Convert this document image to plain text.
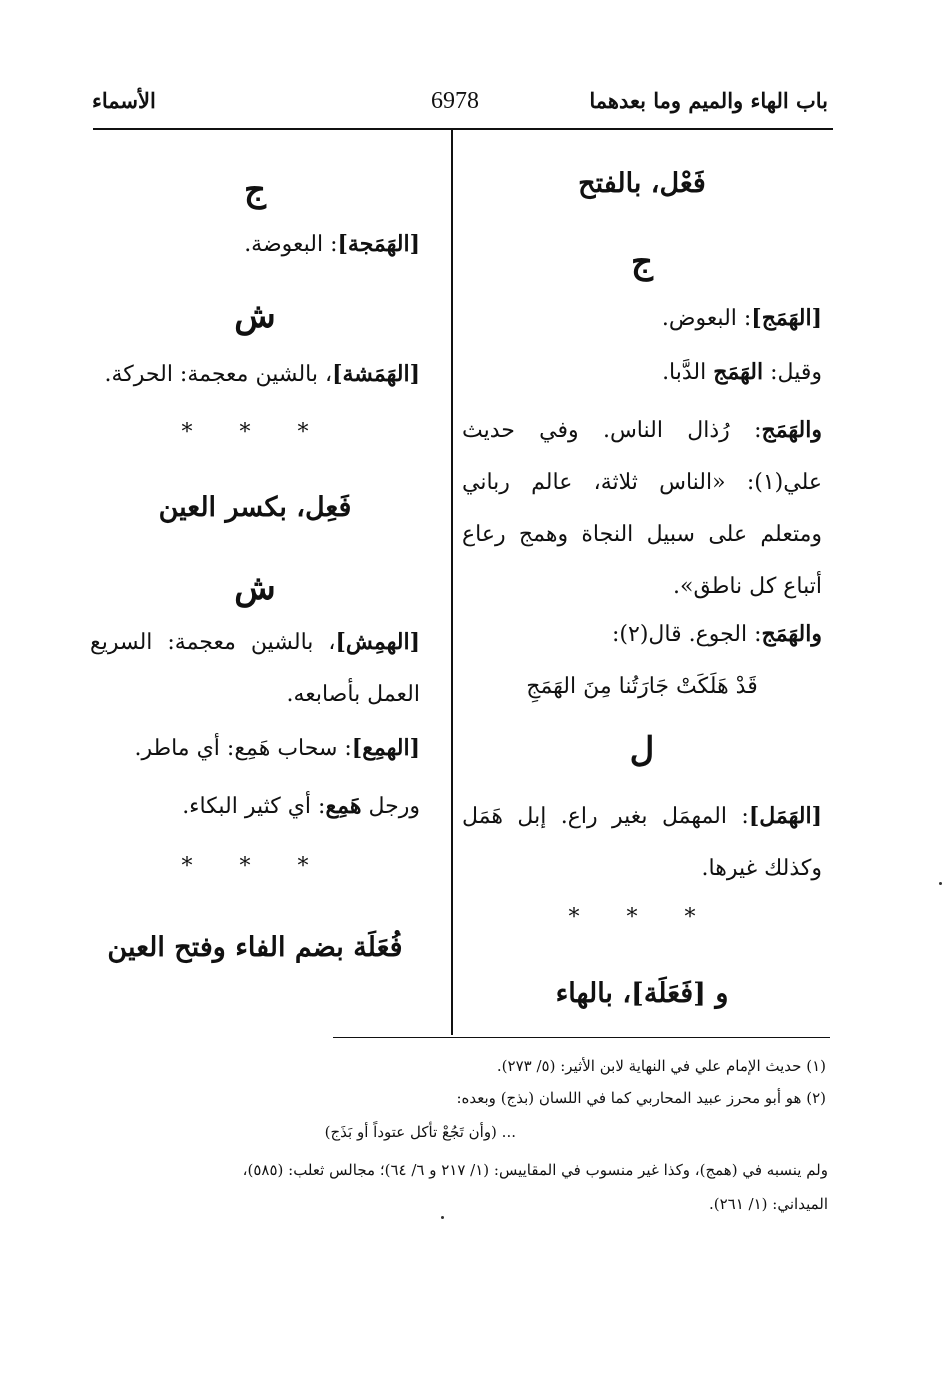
باب الهاء والميم وما بعدهما
6978
الأسماء
فَعْل، بالفتح
ج
[الهَمَج]: البعوض.
وقيل: الهَمَج الدَّبا.
والهَمَج: رُذال الناس. وفي حديث علي(١): «الناس ثلاثة، عالم رباني ومتعلم على سبيل النجاة وهمج رعاع أتباع كل ناطق».
والهَمَج: الجوع. قال(٢):
قَدْ هَلَكَتْ جَارَتُنا مِنَ الهَمَجِ
ل
[الهَمَل]: المهمَل بغير راع. إبل هَمَل وكذلك غيرها.
* * *
و [فَعَلَة]، بالهاء
ج
[الهَمَجة]: البعوضة.
ش
[الهَمَشة]، بالشين معجمة: الحركة.
* * *
فَعِل، بكسر العين
ش
[الهمِش]، بالشين معجمة: السريع العمل بأصابعه.
[الهمِع]: سحاب هَمِع: أي ماطر.
ورجل هَمِع: أي كثير البكاء.
* * *
فُعَلَة بضم الفاء وفتح العين
(١) حديث الإمام علي في النهاية لابن الأثير: (٥/ ٢٧٣).
(٢) هو أبو محرز عبيد المحاربي كما في اللسان (بذج) وبعده:
... (وأن تَجُعْ تأكل عتوداً أو بَذَج)
ولم ينسبه في (همج)، وكذا غير منسوب في المقاييس: (١/ ٢١٧ و ٦/ ٦٤)؛ مجالس ثعلب: (٥٨٥)،
الميداني: (١/ ٢٦١).
